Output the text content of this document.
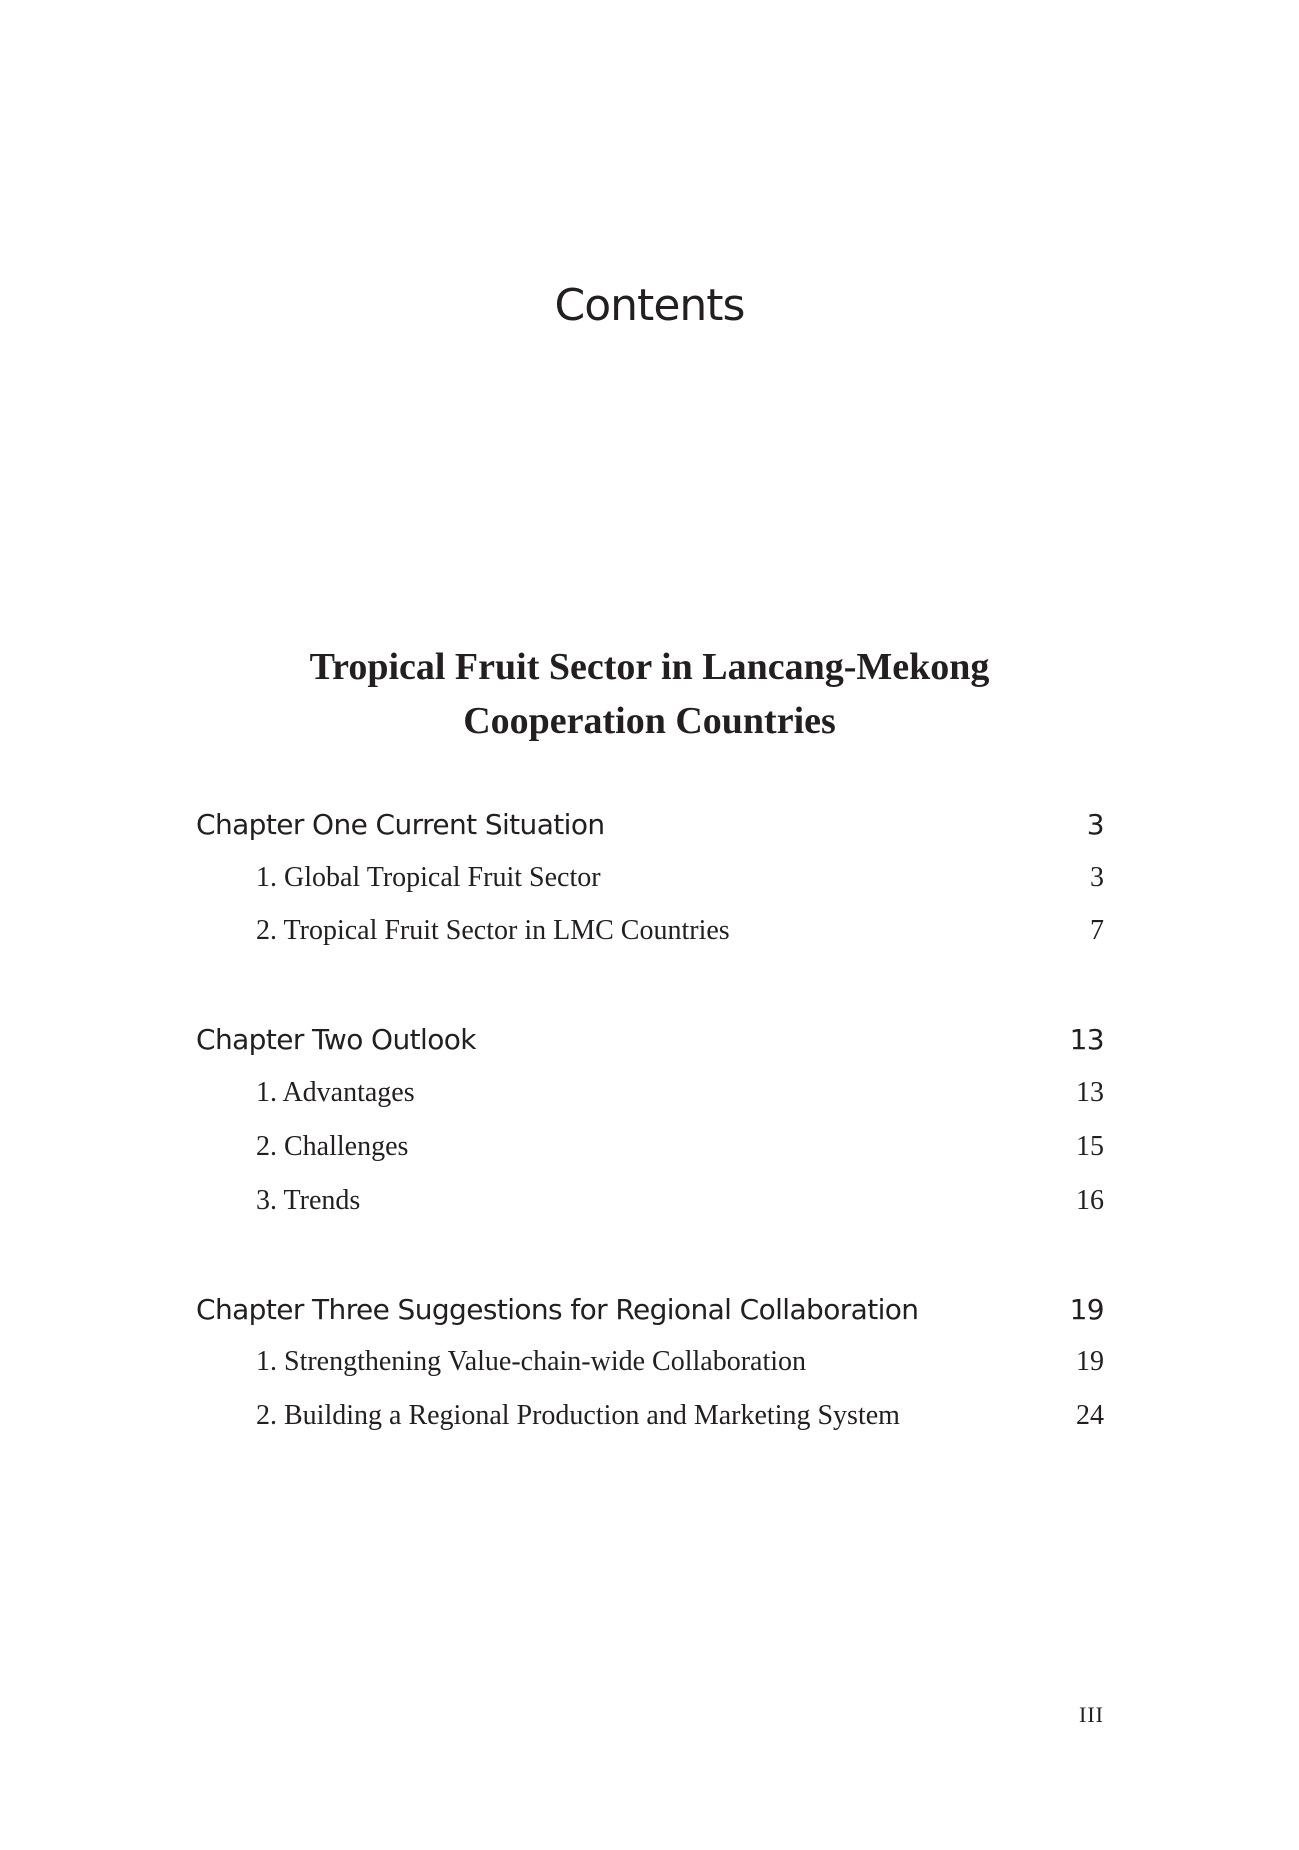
Contents
Tropical Fruit Sector in Lancang-Mekong
Cooperation Countries
Chapter One Current Situation	3
1. Global Tropical Fruit Sector	3
2. Tropical Fruit Sector in LMC Countries	7
Chapter Two Outlook	13
1. Advantages	13
2. Challenges	15
3. Trends	16
Chapter Three Suggestions for Regional Collaboration	19
1. Strengthening Value-chain-wide Collaboration	19
2. Building a Regional Production and Marketing System	24
III
